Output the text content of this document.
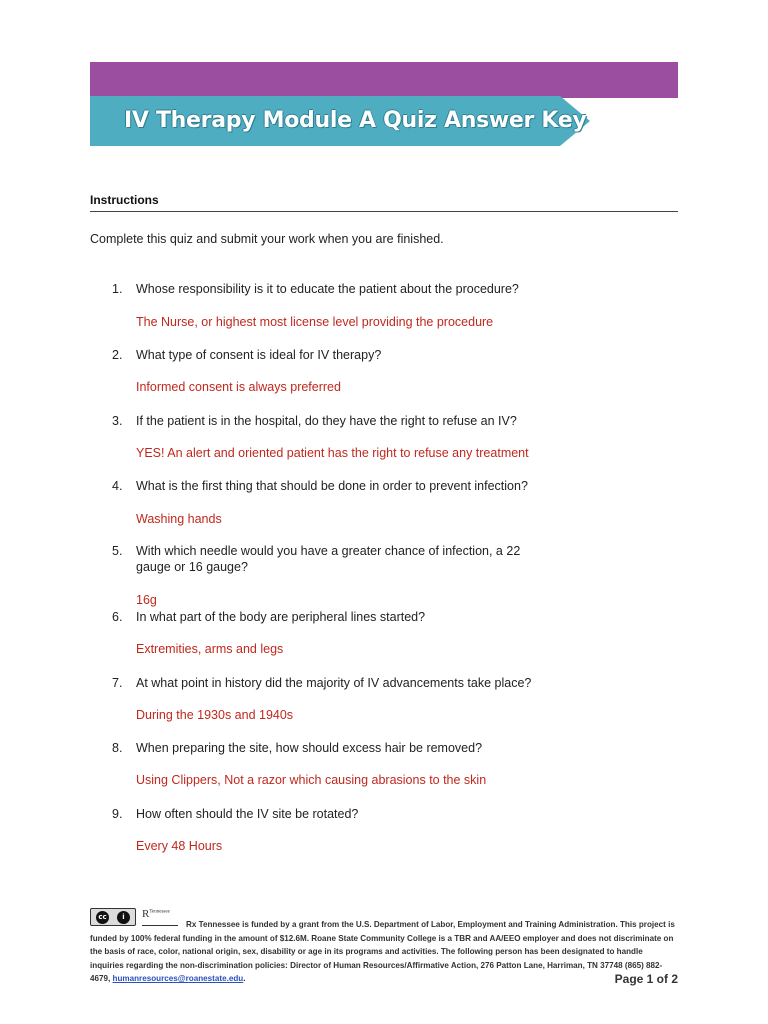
IV Therapy Module A Quiz Answer Key
Instructions
Complete this quiz and submit your work when you are finished.
1.	Whose responsibility is it to educate the patient about the procedure?
The Nurse, or highest most license level providing the procedure
2.	What type of consent is ideal for IV therapy?
Informed consent is always preferred
3.	If the patient is in the hospital, do they have the right to refuse an IV?
YES! An alert and oriented patient has the right to refuse any treatment
4.	What is the first thing that should be done in order to prevent infection?
Washing hands
5.	With which needle would you have a greater chance of infection, a 22 gauge or 16 gauge?
16g
6.	In what part of the body are peripheral lines started?
Extremities, arms and legs
7.	At what point in history did the majority of IV advancements take place?
During the 1930s and 1940s
8.	When preparing the site, how should excess hair be removed?
Using Clippers, Not a razor which causing abrasions to the skin
9.	How often should the IV site be rotated?
Every 48 Hours
cc	i	$R^{Tennessee}$
Rx Tennessee is funded by a grant from the U.S. Department of Labor, Employment and Training Administration. This project is funded by 100% federal funding in the amount of $12.6M. Roane State Community College is a TBR and AA/EEO employer and does not discriminate on the basis of race, color, national origin, sex, disability or age in its programs and activities. The following person has been designated to handle inquiries regarding the non-discrimination policies: Director of Human Resources/Affirmative Action, 276 Patton Lane, Harriman, TN 37748 (865) 882-4679, humanresources@roanestate.edu.	Page 1 of 2
